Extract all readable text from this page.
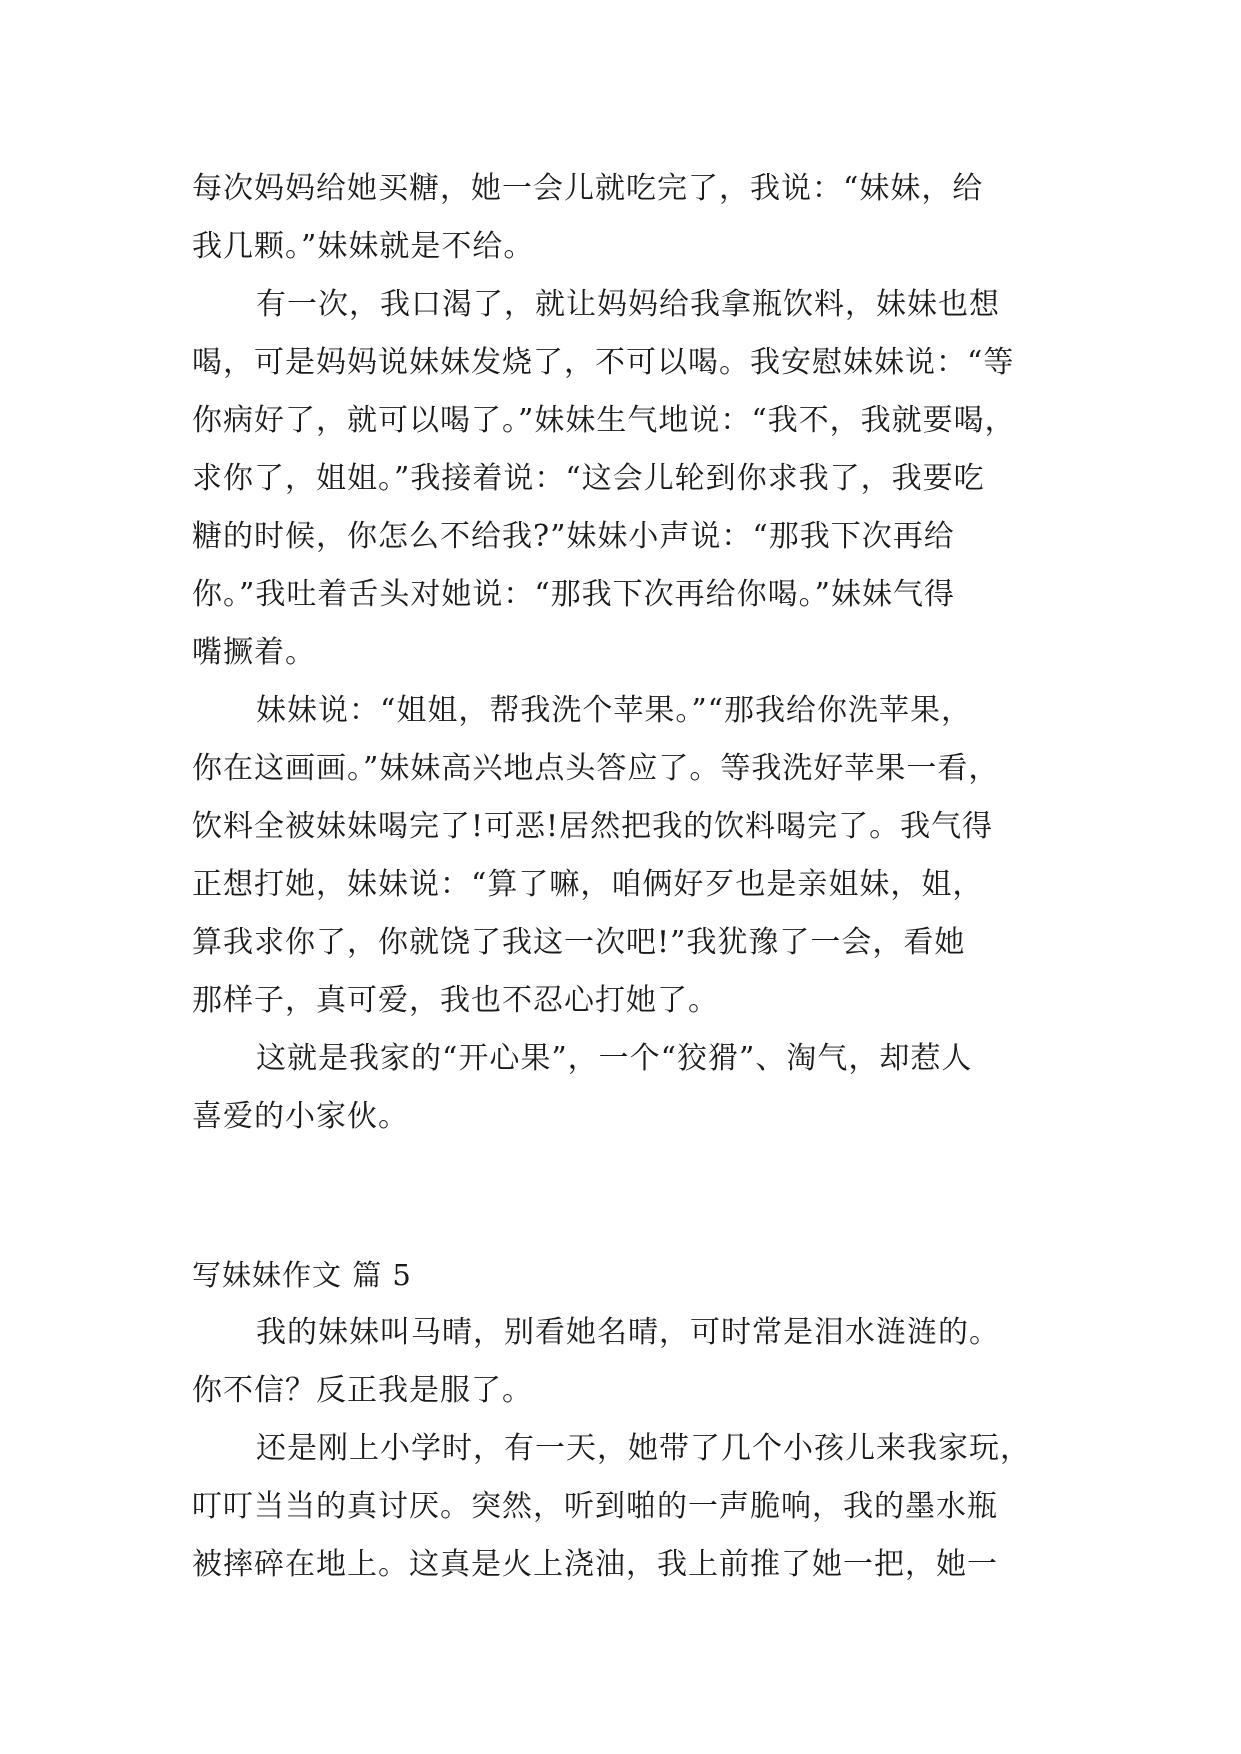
每次妈妈给她买糖，她一会儿就吃完了，我说：“妹妹，给
我几颗。”妹妹就是不给。
有一次，我口渴了，就让妈妈给我拿瓶饮料，妹妹也想
喝，可是妈妈说妹妹发烧了，不可以喝。我安慰妹妹说：“等
你病好了，就可以喝了。”妹妹生气地说：“我不，我就要喝，
求你了，姐姐。”我接着说：“这会儿轮到你求我了，我要吃
糖的时候，你怎么不给我?”妹妹小声说：“那我下次再给
你。”我吐着舌头对她说：“那我下次再给你喝。”妹妹气得
嘴撅着。
妹妹说：“姐姐，帮我洗个苹果。”“那我给你洗苹果，
你在这画画。”妹妹高兴地点头答应了。等我洗好苹果一看，
饮料全被妹妹喝完了!可恶!居然把我的饮料喝完了。我气得
正想打她，妹妹说：“算了嘛，咱俩好歹也是亲姐妹，姐，
算我求你了，你就饶了我这一次吧!”我犹豫了一会，看她
那样子，真可爱，我也不忍心打她了。
这就是我家的“开心果”，一个“狡猾”、淘气，却惹人
喜爱的小家伙。
写妹妹作文 篇 5
我的妹妹叫马晴，别看她名晴，可时常是泪水涟涟的。
你不信？反正我是服了。
还是刚上小学时，有一天，她带了几个小孩儿来我家玩，
叮叮当当的真讨厌。突然，听到啪的一声脆响，我的墨水瓶
被摔碎在地上。这真是火上浇油，我上前推了她一把，她一
